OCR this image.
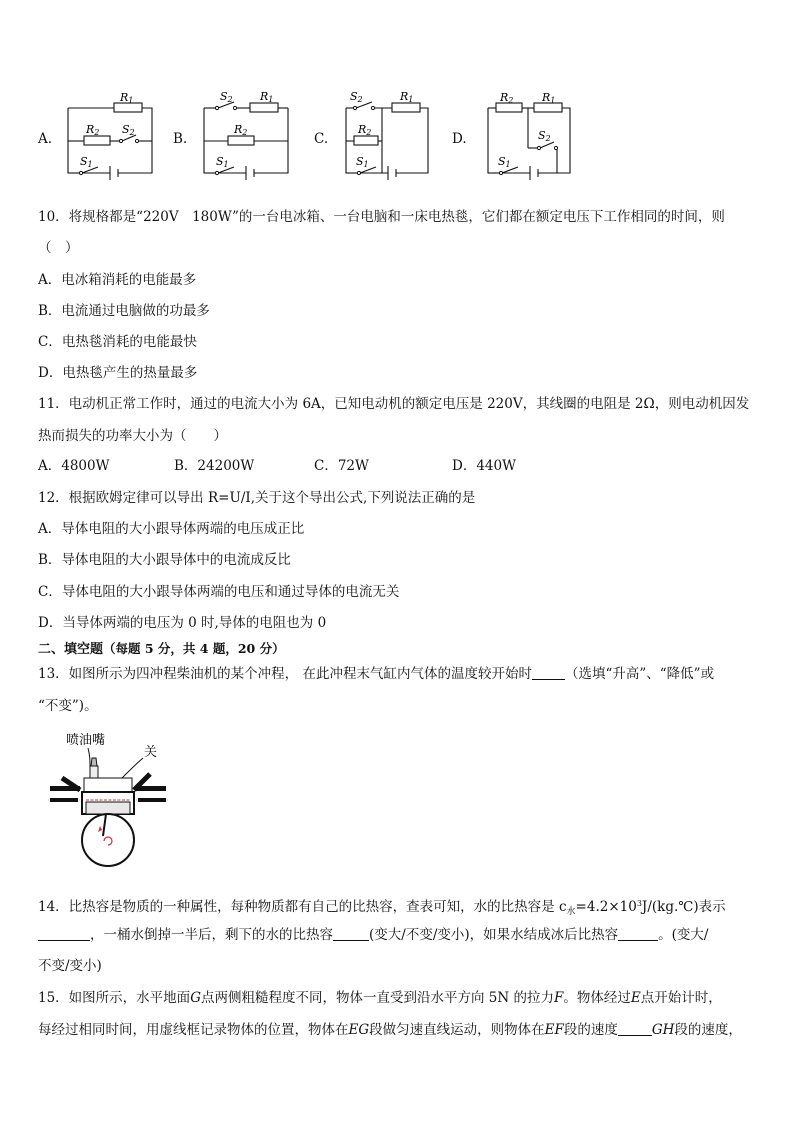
A.
R1
R2 S2
S1
B.
S2 R1
R2
S1
C.
S2	R1
R2
S1
D.
R2	R1
S2
S1
10．将规格都是“220V　180W”的一台电冰箱、一台电脑和一床电热毯，它们都在额定电压下工作相同的时间，则
（　）
A．电冰箱消耗的电能最多
B．电流通过电脑做的功最多
C．电热毯消耗的电能最快
D．电热毯产生的热量最多
11．电动机正常工作时，通过的电流大小为 6A，已知电动机的额定电压是 220V，其线圈的电阻是 2Ω，则电动机因发
热而损失的功率大小为（　　）
A．4800W	B．24200W	C．72W	D．440W
12．根据欧姆定律可以导出 R=U/I,关于这个导出公式,下列说法正确的是
A．导体电阻的大小跟导体两端的电压成正比
B．导体电阻的大小跟导体中的电流成反比
C．导体电阻的大小跟导体两端的电压和通过导体的电流无关
D．当导体两端的电压为 0 时,导体的电阻也为 0
二、填空题（每题 5 分，共 4 题，20 分）
13．如图所示为四冲程柴油机的某个冲程， 在此冲程末气缸内气体的温度较开始时 （选填“升高”、“降低”或
“不变”)。
喷油嘴
关
14．比热容是物质的一种属性，每种物质都有自己的比热容，查表可知，水的比热容是 $c_水=4.2\times 10^3J/(kg.℃)$表示
，一桶水倒掉一半后，剩下的水的比热容	(变大/不变/变小)，如果水结成冰后比热容	。(变大/
不变/变小)
15．如图所示，水平地面G点两侧粗糙程度不同，物体一直受到沿水平方向 5N 的拉力F。物体经过E点开始计时，
每经过相同时间，用虚线框记录物体的位置，物体在EG段做匀速直线运动，则物体在EF段的速度	GH段的速度，
